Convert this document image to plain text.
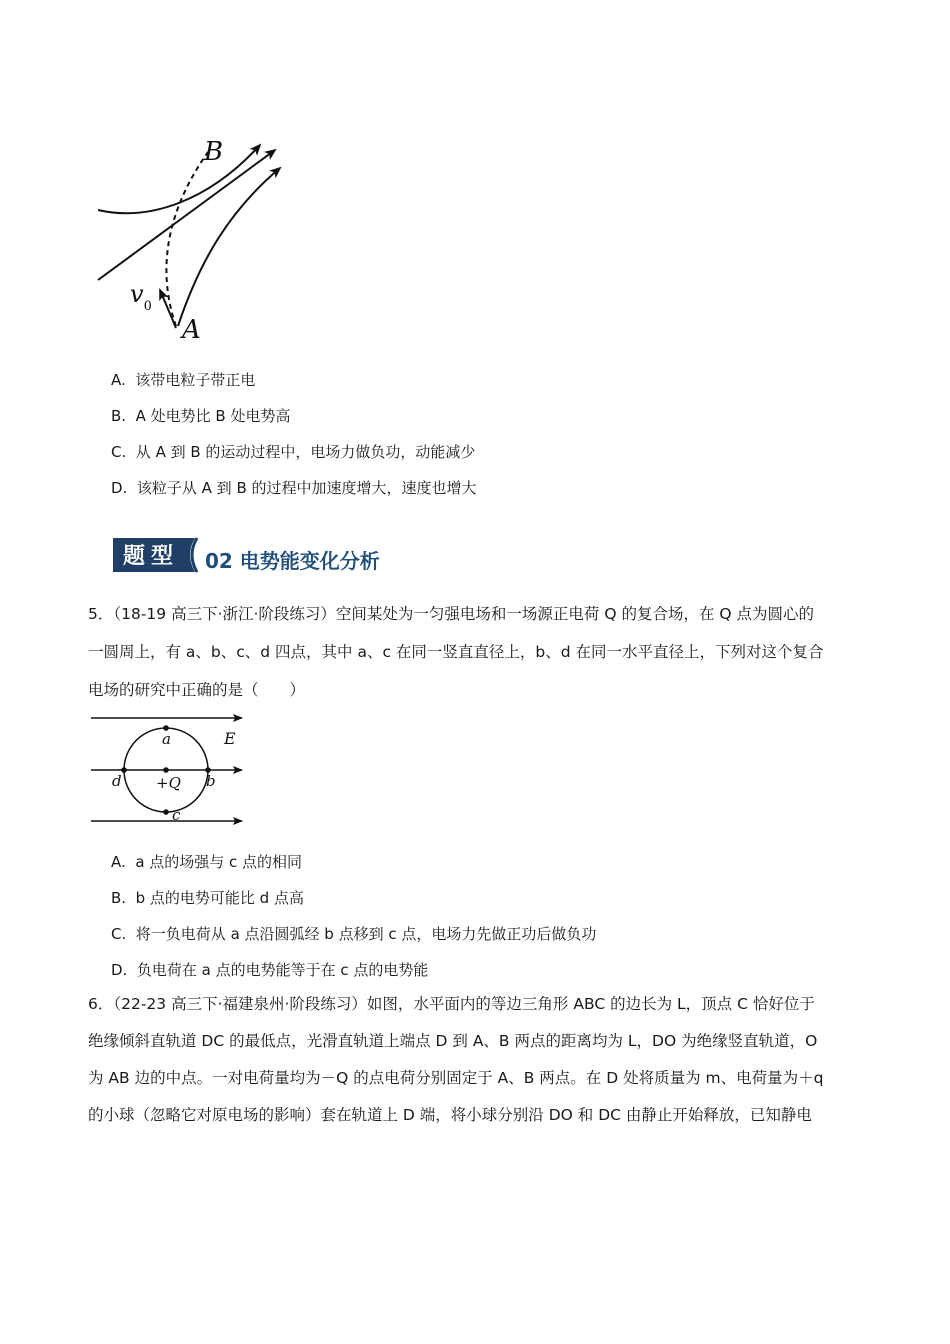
B
A
v 0
A. 该带电粒子带正电
B. A 处电势比 B 处电势高
C. 从 A 到 B 的运动过程中，电场力做负功，动能减少
D. 该粒子从 A 到 B 的过程中加速度增大，速度也增大
题型 02 电势能变化分析
5．（18-19 高三下·浙江·阶段练习）空间某处为一匀强电场和一场源正电荷 Q 的复合场，在 Q 点为圆心的
一圆周上，有 a、b、c、d 四点，其中 a、c 在同一竖直直径上，b、d 在同一水平直径上，下列对这个复合
电场的研究中正确的是（　　）
a
c
d	b
+Q
E
A. a 点的场强与 c 点的相同
B. b 点的电势可能比 d 点高
C. 将一负电荷从 a 点沿圆弧经 b 点移到 c 点，电场力先做正功后做负功
D. 负电荷在 a 点的电势能等于在 c 点的电势能
6．（22-23 高三下·福建泉州·阶段练习）如图，水平面内的等边三角形 ABC 的边长为 L，顶点 C 恰好位于
绝缘倾斜直轨道 DC 的最低点，光滑直轨道上端点 D 到 A、B 两点的距离均为 L，DO 为绝缘竖直轨道，O
为 AB 边的中点。一对电荷量均为－Q 的点电荷分别固定于 A、B 两点。在 D 处将质量为 m、电荷量为＋q
的小球（忽略它对原电场的影响）套在轨道上 D 端，将小球分别沿 DO 和 DC 由静止开始释放，已知静电
